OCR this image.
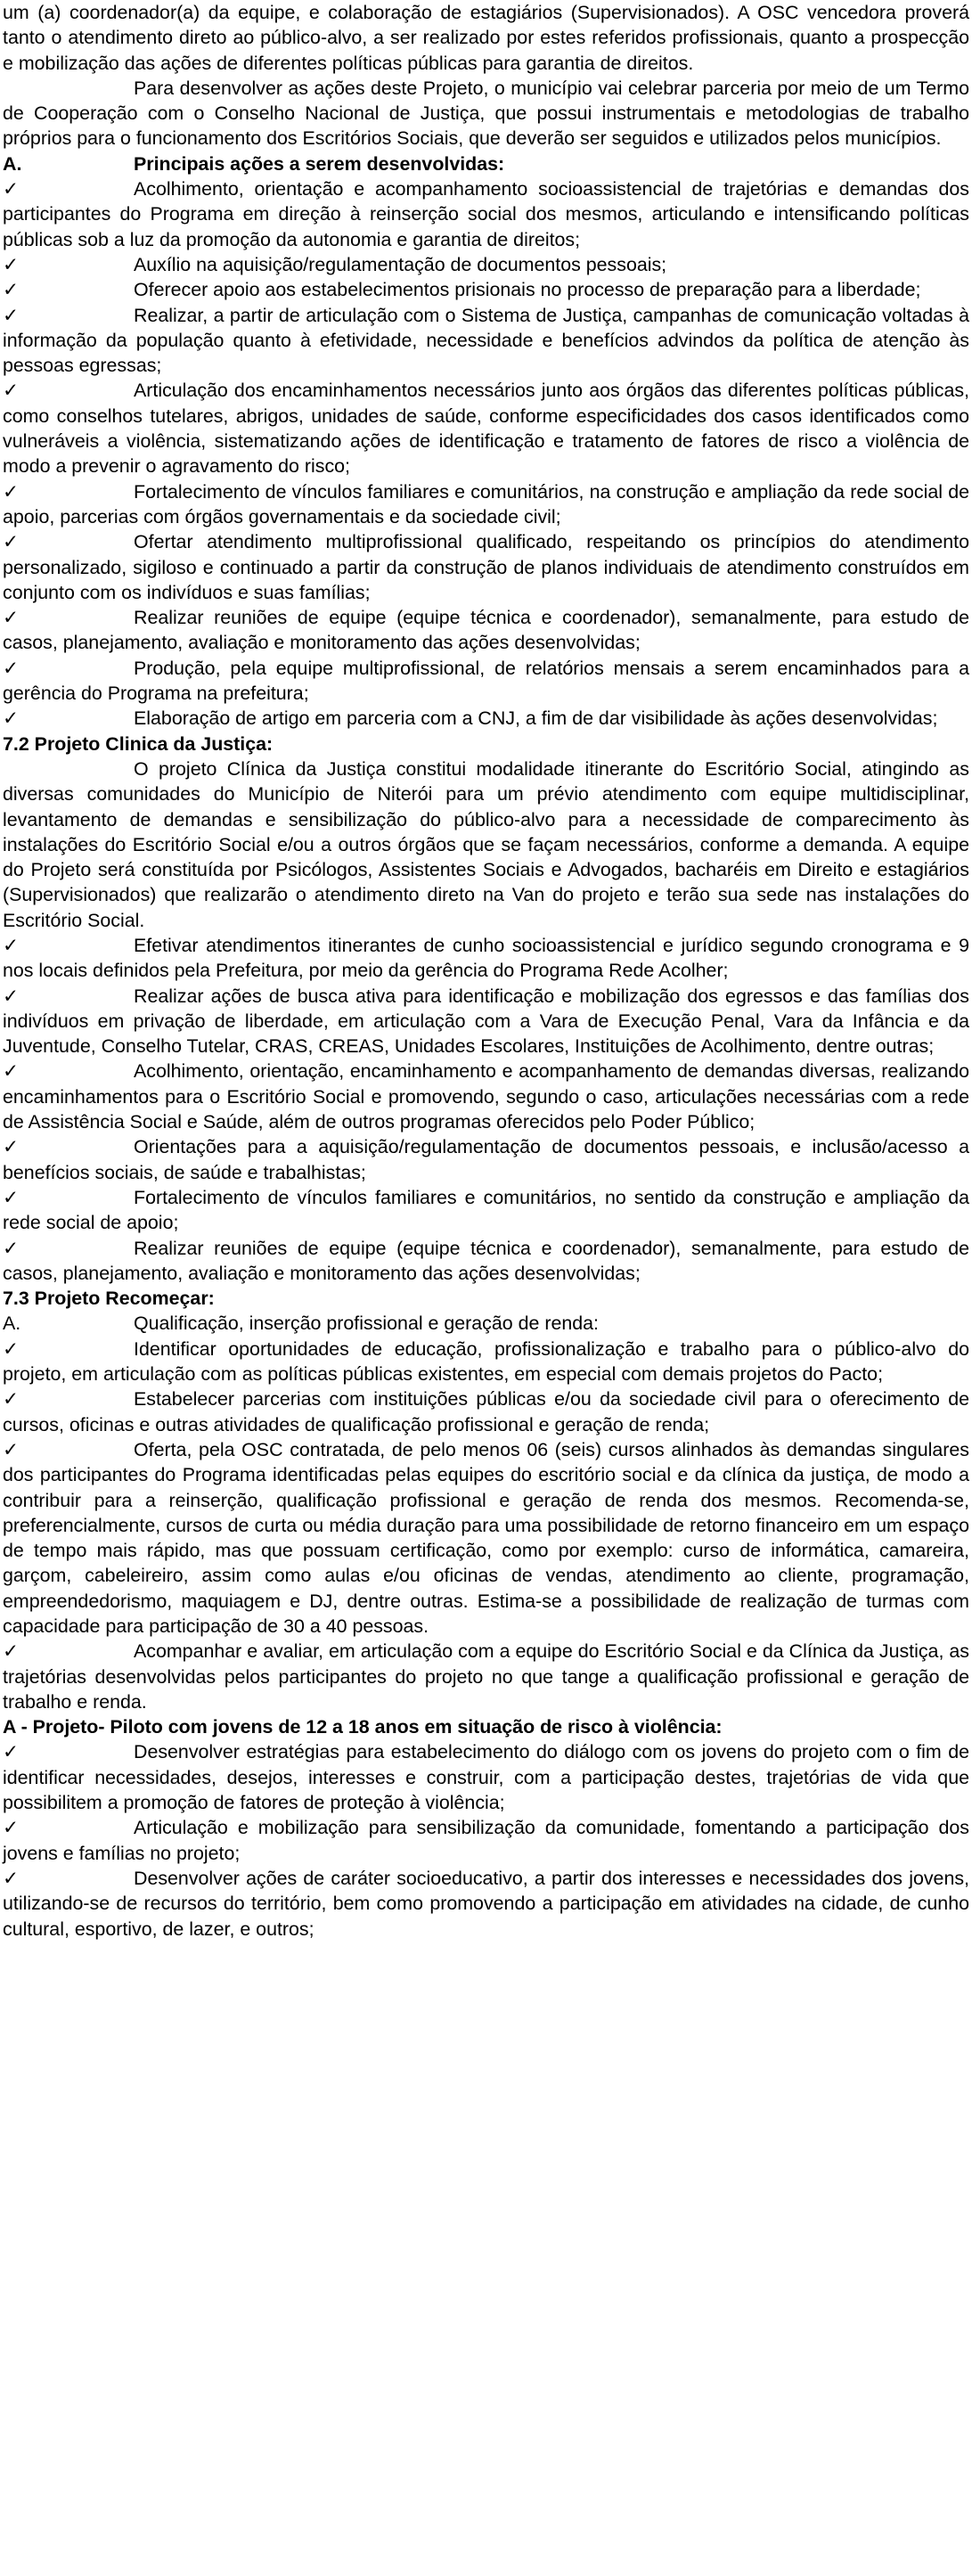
um (a) coordenador(a) da equipe, e colaboração de estagiários (Supervisionados). A OSC vencedora proverá tanto o atendimento direto ao público-alvo, a ser realizado por estes referidos profissionais, quanto a prospecção e mobilização das ações de diferentes políticas públicas para garantia de direitos.

Para desenvolver as ações deste Projeto, o município vai celebrar parceria por meio de um Termo de Cooperação com o Conselho Nacional de Justiça, que possui instrumentais e metodologias de trabalho próprios para o funcionamento dos Escritórios Sociais, que deverão ser seguidos e utilizados pelos municípios.

A.	Principais ações a serem desenvolvidas:

✓	Acolhimento, orientação e acompanhamento socioassistencial de trajetórias e demandas dos participantes do Programa em direção à reinserção social dos mesmos, articulando e intensificando políticas públicas sob a luz da promoção da autonomia e garantia de direitos;

✓	Auxílio na aquisição/regulamentação de documentos pessoais;

✓	Oferecer apoio aos estabelecimentos prisionais no processo de preparação para a liberdade;

✓	Realizar, a partir de articulação com o Sistema de Justiça, campanhas de comunicação voltadas à informação da população quanto à efetividade, necessidade e benefícios advindos da política de atenção às pessoas egressas;

✓	Articulação dos encaminhamentos necessários junto aos órgãos das diferentes políticas públicas, como conselhos tutelares, abrigos, unidades de saúde, conforme especificidades dos casos identificados como vulneráveis a violência, sistematizando ações de identificação e tratamento de fatores de risco a violência de modo a prevenir o agravamento do risco;

✓	Fortalecimento de vínculos familiares e comunitários, na construção e ampliação da rede social de apoio, parcerias com órgãos governamentais e da sociedade civil;

✓	Ofertar atendimento multiprofissional qualificado, respeitando os princípios do atendimento personalizado, sigiloso e continuado a partir da construção de planos individuais de atendimento construídos em conjunto com os indivíduos e suas famílias;

✓	Realizar reuniões de equipe (equipe técnica e coordenador), semanalmente, para estudo de casos, planejamento, avaliação e monitoramento das ações desenvolvidas;

✓	Produção, pela equipe multiprofissional, de relatórios mensais a serem encaminhados para a gerência do Programa na prefeitura;

✓	Elaboração de artigo em parceria com a CNJ, a fim de dar visibilidade às ações desenvolvidas;

7.2 Projeto Clinica da Justiça:

O projeto Clínica da Justiça constitui modalidade itinerante do Escritório Social, atingindo as diversas comunidades do Município de Niterói para um prévio atendimento com equipe multidisciplinar, levantamento de demandas e sensibilização do público-alvo para a necessidade de comparecimento às instalações do Escritório Social e/ou a outros órgãos que se façam necessários, conforme a demanda. A equipe do Projeto será constituída por Psicólogos, Assistentes Sociais e Advogados, bacharéis em Direito e estagiários (Supervisionados) que realizarão o atendimento direto na Van do projeto e terão sua sede nas instalações do Escritório Social.

✓	Efetivar atendimentos itinerantes de cunho socioassistencial e jurídico segundo cronograma e 9 nos locais definidos pela Prefeitura, por meio da gerência do Programa Rede Acolher;

✓	Realizar ações de busca ativa para identificação e mobilização dos egressos e das famílias dos indivíduos em privação de liberdade, em articulação com a Vara de Execução Penal, Vara da Infância e da Juventude, Conselho Tutelar, CRAS, CREAS, Unidades Escolares, Instituições de Acolhimento, dentre outras;

✓	Acolhimento, orientação, encaminhamento e acompanhamento de demandas diversas, realizando encaminhamentos para o Escritório Social e promovendo, segundo o caso, articulações necessárias com a rede de Assistência Social e Saúde, além de outros programas oferecidos pelo Poder Público;

✓	Orientações para a aquisição/regulamentação de documentos pessoais, e inclusão/acesso a benefícios sociais, de saúde e trabalhistas;

✓	Fortalecimento de vínculos familiares e comunitários, no sentido da construção e ampliação da rede social de apoio;

✓	Realizar reuniões de equipe (equipe técnica e coordenador), semanalmente, para estudo de casos, planejamento, avaliação e monitoramento das ações desenvolvidas;

7.3 Projeto Recomeçar:

A.	Qualificação, inserção profissional e geração de renda:

✓	Identificar oportunidades de educação, profissionalização e trabalho para o público-alvo do projeto, em articulação com as políticas públicas existentes, em especial com demais projetos do Pacto;

✓	Estabelecer parcerias com instituições públicas e/ou da sociedade civil para o oferecimento de cursos, oficinas e outras atividades de qualificação profissional e geração de renda;

✓	Oferta, pela OSC contratada, de pelo menos 06 (seis) cursos alinhados às demandas singulares dos participantes do Programa identificadas pelas equipes do escritório social e da clínica da justiça, de modo a contribuir para a reinserção, qualificação profissional e geração de renda dos mesmos. Recomenda-se, preferencialmente, cursos de curta ou média duração para uma possibilidade de retorno financeiro em um espaço de tempo mais rápido, mas que possuam certificação, como por exemplo: curso de informática, camareira, garçom, cabeleireiro, assim como aulas e/ou oficinas de vendas, atendimento ao cliente, programação, empreendedorismo, maquiagem e DJ, dentre outras. Estima-se a possibilidade de realização de turmas com capacidade para participação de 30 a 40 pessoas.

✓	Acompanhar e avaliar, em articulação com a equipe do Escritório Social e da Clínica da Justiça, as trajetórias desenvolvidas pelos participantes do projeto no que tange a qualificação profissional e geração de trabalho e renda.

A - Projeto- Piloto com jovens de 12 a 18 anos em situação de risco à violência:

✓	Desenvolver estratégias para estabelecimento do diálogo com os jovens do projeto com o fim de identificar necessidades, desejos, interesses e construir, com a participação destes, trajetórias de vida que possibilitem a promoção de fatores de proteção à violência;

✓	Articulação e mobilização para sensibilização da comunidade, fomentando a participação dos jovens e famílias no projeto;

✓	Desenvolver ações de caráter socioeducativo, a partir dos interesses e necessidades dos jovens, utilizando-se de recursos do território, bem como promovendo a participação em atividades na cidade, de cunho cultural, esportivo, de lazer, e outros;
